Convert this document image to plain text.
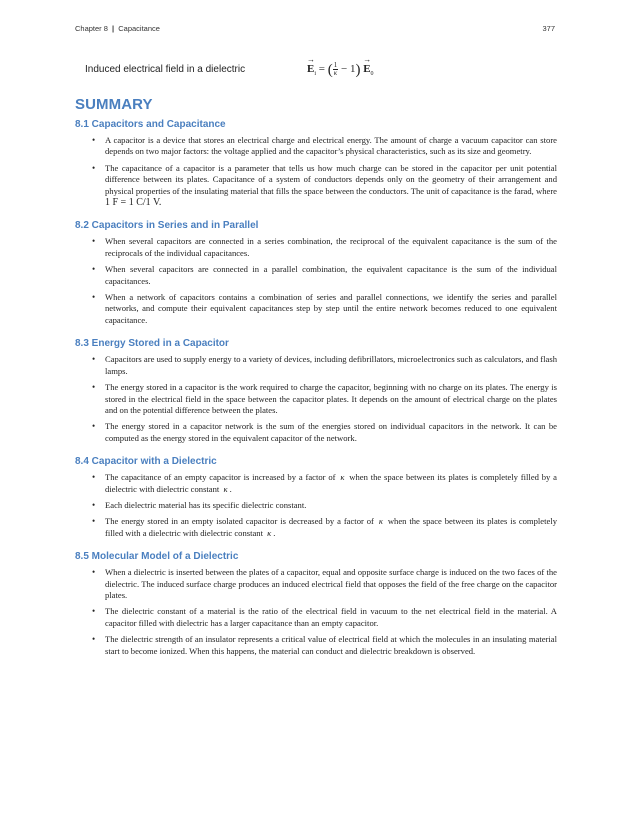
Chapter 8 | Capacitance	377
Induced electrical field in a dielectric	→ $E_i$ = ( $\frac{1}{\kappa} - 1) \to E_0$
SUMMARY
8.1 Capacitors and Capacitance
• A capacitor is a device that stores an electrical charge and electrical energy. The amount of charge a vacuum capacitor can store depends on two major factors: the voltage applied and the capacitor’s physical characteristics, such as its size and geometry.
• The capacitance of a capacitor is a parameter that tells us how much charge can be stored in the capacitor per unit potential difference between its plates. Capacitance of a system of conductors depends only on the geometry of their arrangement and physical properties of the insulating material that fills the space between the conductors. The unit of capacitance is the farad, where 1 F = 1 C/1 V.
8.2 Capacitors in Series and in Parallel
• When several capacitors are connected in a series combination, the reciprocal of the equivalent capacitance is the sum of the reciprocals of the individual capacitances.
• When several capacitors are connected in a parallel combination, the equivalent capacitance is the sum of the individual capacitances.
• When a network of capacitors contains a combination of series and parallel connections, we identify the series and parallel networks, and compute their equivalent capacitances step by step until the entire network becomes reduced to one equivalent capacitance.
8.3 Energy Stored in a Capacitor
• Capacitors are used to supply energy to a variety of devices, including defibrillators, microelectronics such as calculators, and flash lamps.
• The energy stored in a capacitor is the work required to charge the capacitor, beginning with no charge on its plates. The energy is stored in the electrical field in the space between the capacitor plates. It depends on the amount of electrical charge on the plates and on the potential difference between the plates.
• The energy stored in a capacitor network is the sum of the energies stored on individual capacitors in the network. It can be computed as the energy stored in the equivalent capacitor of the network.
8.4 Capacitor with a Dielectric
• The capacitance of an empty capacitor is increased by a factor of κ when the space between its plates is completely filled by a dielectric with dielectric constant κ .
• Each dielectric material has its specific dielectric constant.
• The energy stored in an empty isolated capacitor is decreased by a factor of κ when the space between its plates is completely filled with a dielectric with dielectric constant κ .
8.5 Molecular Model of a Dielectric
• When a dielectric is inserted between the plates of a capacitor, equal and opposite surface charge is induced on the two faces of the dielectric. The induced surface charge produces an induced electrical field that opposes the field of the free charge on the capacitor plates.
• The dielectric constant of a material is the ratio of the electrical field in vacuum to the net electrical field in the material. A capacitor filled with dielectric has a larger capacitance than an empty capacitor.
• The dielectric strength of an insulator represents a critical value of electrical field at which the molecules in an insulating material start to become ionized. When this happens, the material can conduct and dielectric breakdown is observed.
